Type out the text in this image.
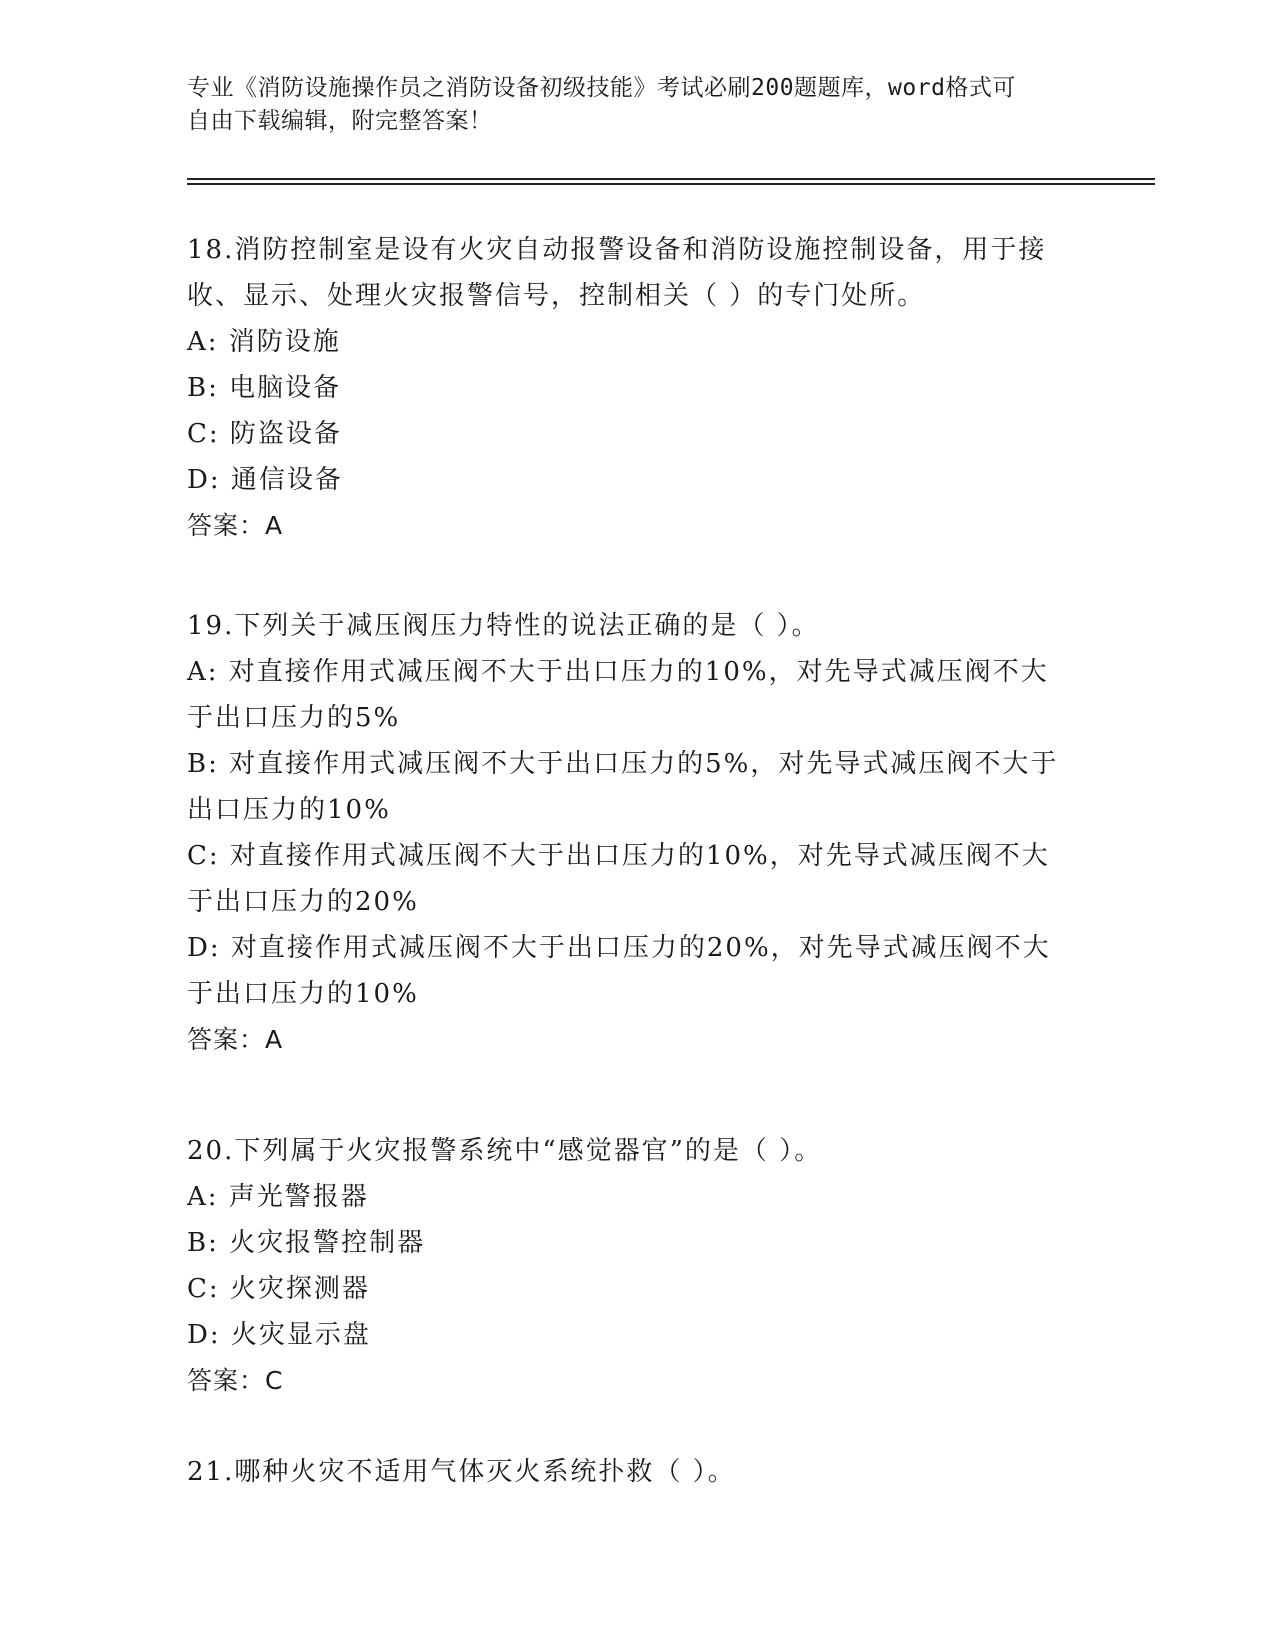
专业《消防设施操作员之消防设备初级技能》考试必刷200题题库，word格式可
自由下载编辑，附完整答案！
18.消防控制室是设有火灾自动报警设备和消防设施控制设备，用于接
收、显示、处理火灾报警信号，控制相关（ ）的专门处所。
A: 消防设施
B: 电脑设备
C: 防盗设备
D: 通信设备
答案：A
19.下列关于减压阀压力特性的说法正确的是（ ）。
A: 对直接作用式减压阀不大于出口压力的10%，对先导式减压阀不大
于出口压力的5%
B: 对直接作用式减压阀不大于出口压力的5%，对先导式减压阀不大于
出口压力的10%
C: 对直接作用式减压阀不大于出口压力的10%，对先导式减压阀不大
于出口压力的20%
D: 对直接作用式减压阀不大于出口压力的20%，对先导式减压阀不大
于出口压力的10%
答案：A
20.下列属于火灾报警系统中“感觉器官”的是（ ）。
A: 声光警报器
B: 火灾报警控制器
C: 火灾探测器
D: 火灾显示盘
答案：C
21.哪种火灾不适用气体灭火系统扑救（ ）。
